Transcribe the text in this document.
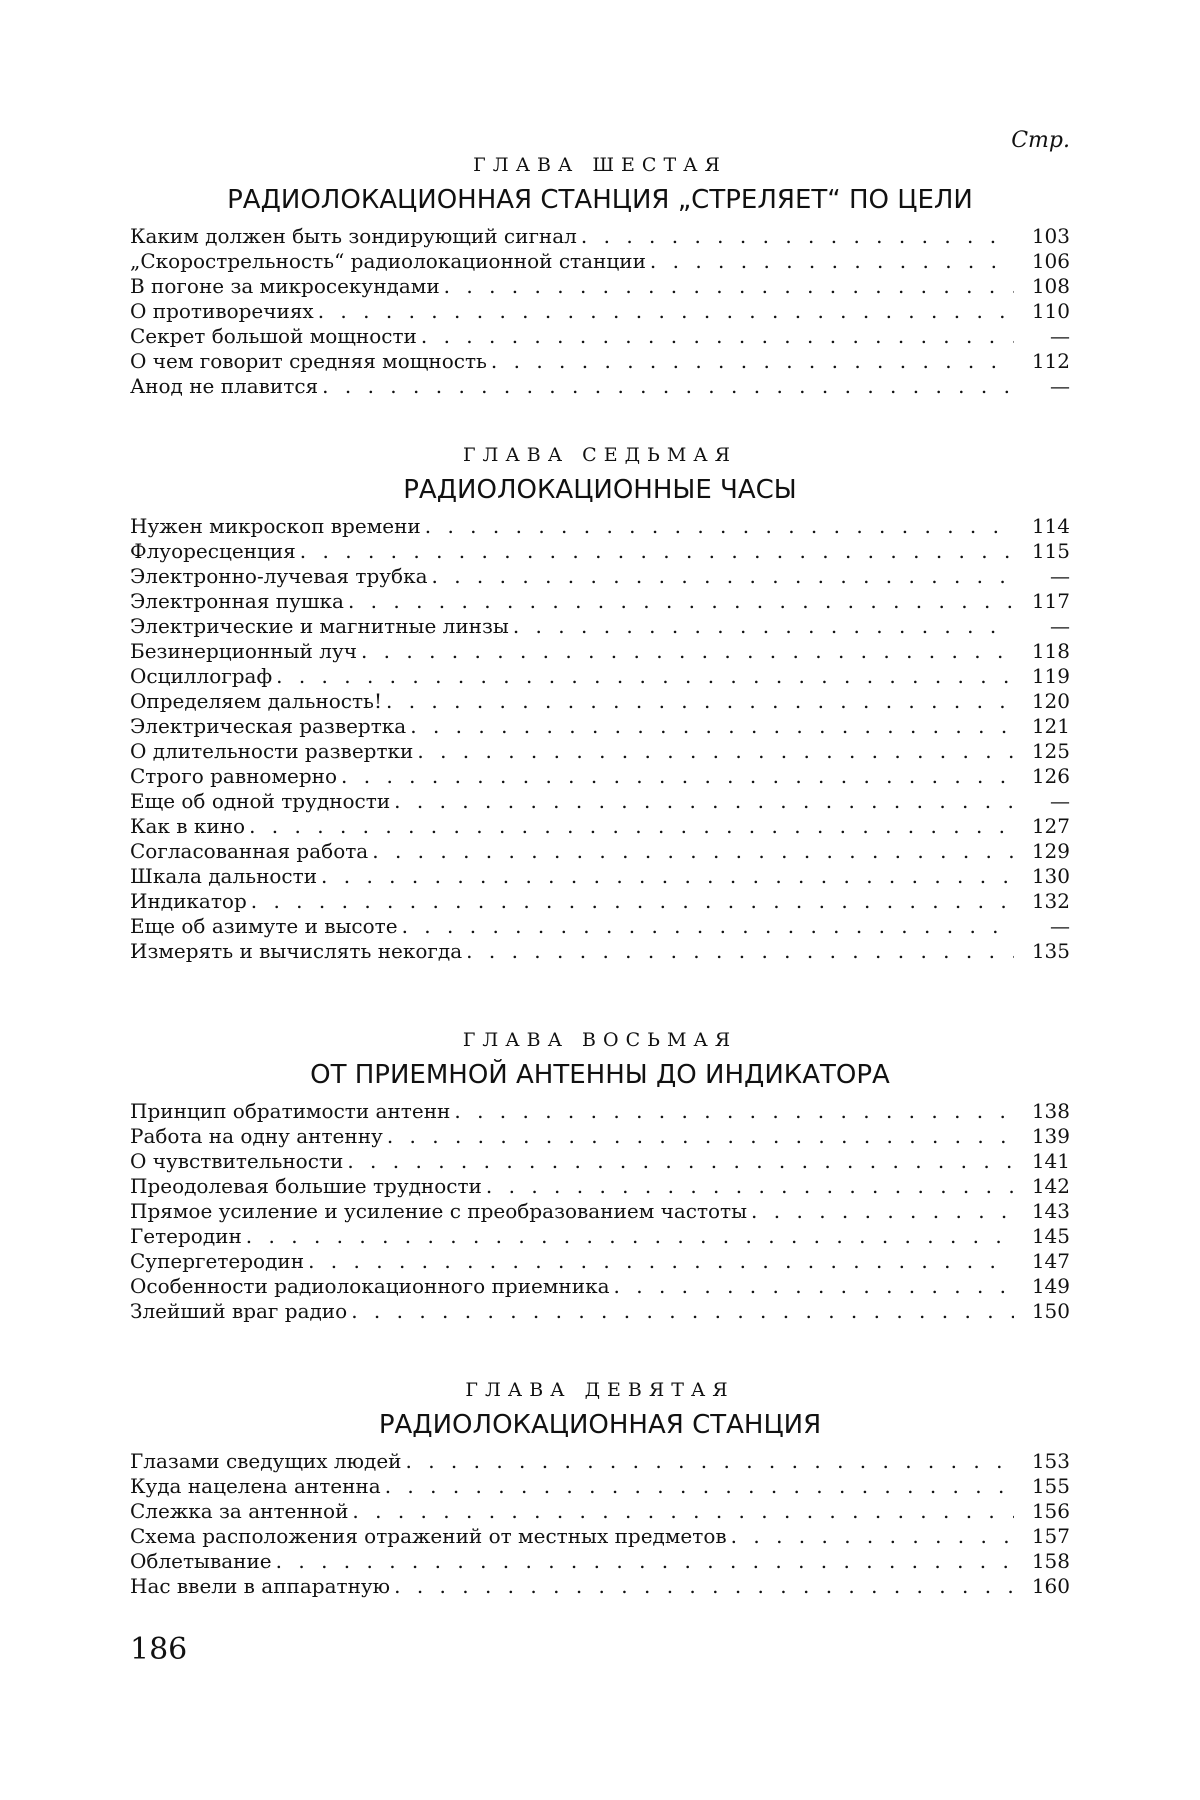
Стр.
ГЛАВА ШЕСТАЯ
РАДИОЛОКАЦИОННАЯ СТАНЦИЯ „СТРЕЛЯЕТ“ ПО ЦЕЛИ
Каким должен быть зондирующий сигнал . . .	103
„Скорострельность“ радиолокационной станции . . .	106
В погоне за микросекундами . . .	108
О противоречиях . . .	110
Секрет большой мощности . . .	—
О чем говорит средняя мощность . . .	112
Анод не плавится . . .	—
ГЛАВА СЕДЬМАЯ
РАДИОЛОКАЦИОННЫЕ ЧАСЫ
Нужен микроскоп времени . . .	114
Флуоресценция . . .	115
Электронно-лучевая трубка . . .	—
Электронная пушка . . .	117
Электрические и магнитные линзы . . .	—
Безинерционный луч . . .	118
Осциллограф . . .	119
Определяем дальность! . . .	120
Электрическая развертка . . .	121
О длительности развертки . . .	125
Строго равномерно . . .	126
Еще об одной трудности . . .	—
Как в кино . . .	127
Согласованная работа . . .	129
Шкала дальности . . .	130
Индикатор . . .	132
Еще об азимуте и высоте . . .	—
Измерять и вычислять некогда . . .	135
ГЛАВА ВОСЬМАЯ
ОТ ПРИЕМНОЙ АНТЕННЫ ДО ИНДИКАТОРА
Принцип обратимости антенн . . .	138
Работа на одну антенну . . .	139
О чувствительности . . .	141
Преодолевая большие трудности . . .	142
Прямое усиление и усиление с преобразованием частоты . . .	143
Гетеродин . . .	145
Супергетеродин . . .	147
Особенности радиолокационного приемника . . .	149
Злейший враг радио . . .	150
ГЛАВА ДЕВЯТАЯ
РАДИОЛОКАЦИОННАЯ СТАНЦИЯ
Глазами сведущих людей . . .	153
Куда нацелена антенна . . .	155
Слежка за антенной . . .	156
Схема расположения отражений от местных предметов . . .	157
Облетывание . . .	158
Нас ввели в аппаратную . . .	160
186
